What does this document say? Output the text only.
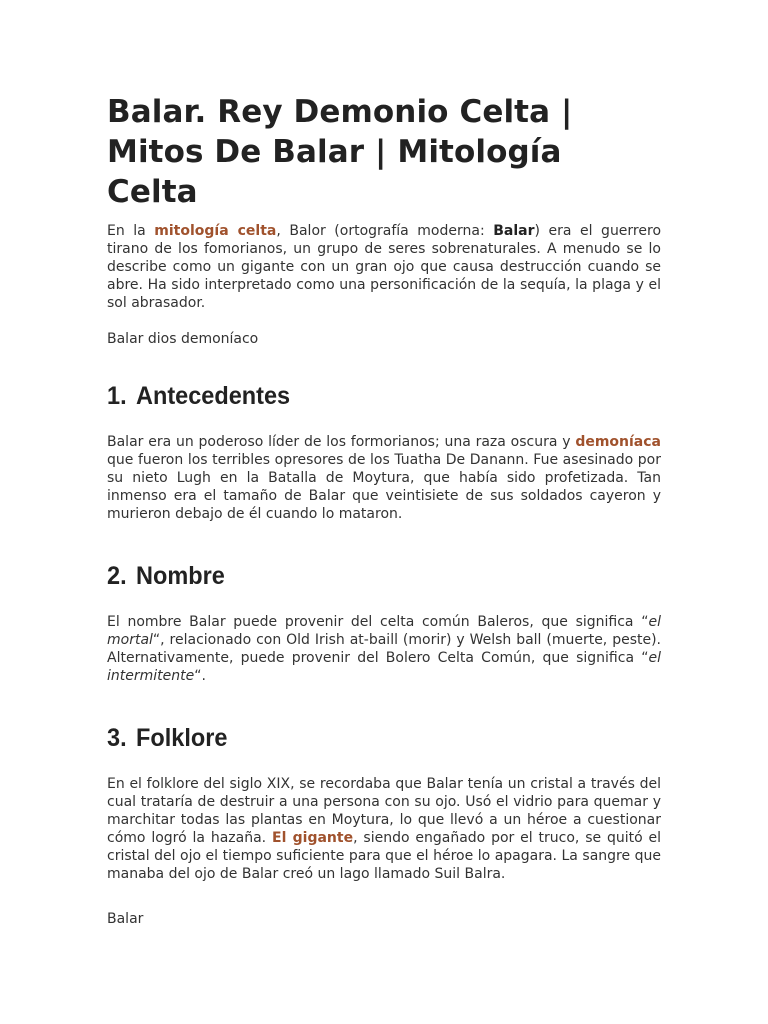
Balar. Rey Demonio Celta | Mitos De Balar | Mitología Celta

En la mitología celta, Balor (ortografía moderna: Balar) era el guerrero tirano de los fomorianos, un grupo de seres sobrenaturales. A menudo se lo describe como un gigante con un gran ojo que causa destrucción cuando se abre. Ha sido interpretado como una personificación de la sequía, la plaga y el sol abrasador.

Balar dios demoníaco

1. Antecedentes

Balar era un poderoso líder de los formorianos; una raza oscura y demoníaca que fueron los terribles opresores de los Tuatha De Danann. Fue asesinado por su nieto Lugh en la Batalla de Moytura, que había sido profetizada. Tan inmenso era el tamaño de Balar que veintisiete de sus soldados cayeron y murieron debajo de él cuando lo mataron.

2. Nombre

El nombre Balar puede provenir del celta común Baleros, que significa “el mortal“, relacionado con Old Irish at-baill (morir) y Welsh ball (muerte, peste). Alternativamente, puede provenir del Bolero Celta Común, que significa “el intermitente“.

3. Folklore

En el folklore del siglo XIX, se recordaba que Balar tenía un cristal a través del cual trataría de destruir a una persona con su ojo. Usó el vidrio para quemar y marchitar todas las plantas en Moytura, lo que llevó a un héroe a cuestionar cómo logró la hazaña. El gigante, siendo engañado por el truco, se quitó el cristal del ojo el tiempo suficiente para que el héroe lo apagara. La sangre que manaba del ojo de Balar creó un lago llamado Suil Balra.

Balar
